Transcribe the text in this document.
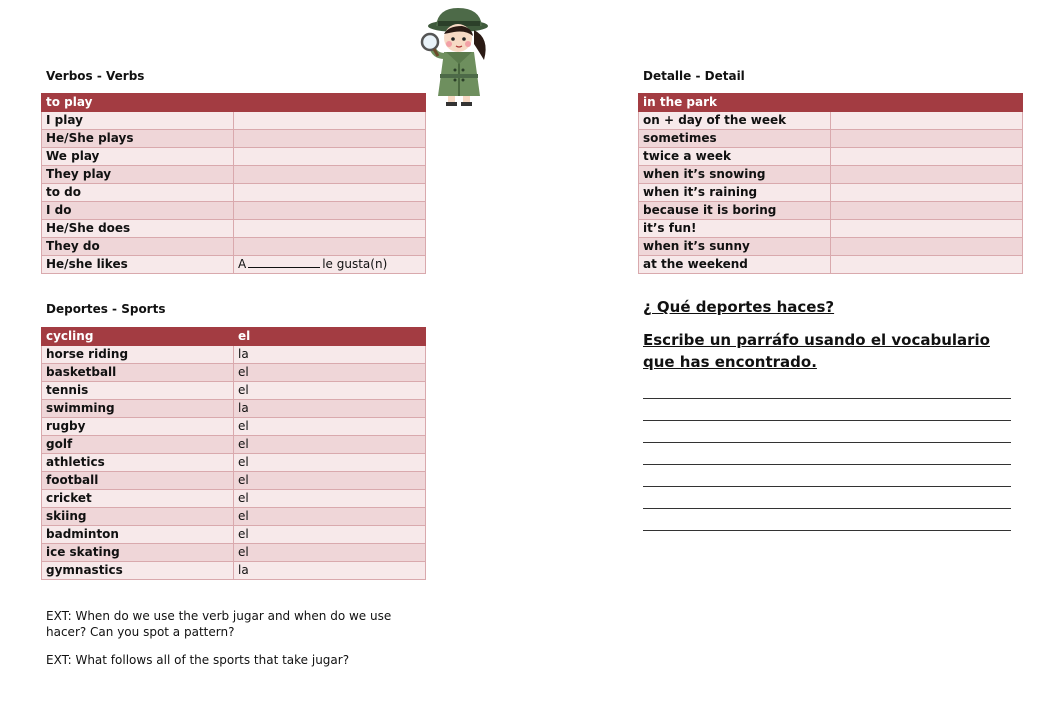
Verbos - Verbs
to play	
I play	
He/She plays	
We play	
They play	
to do	
I do	
He/She does	
They do	
He/she likes	A le gusta(n)
Detalle - Detail
in the park	
on + day of the week	
sometimes	
twice a week	
when it’s snowing	
when it’s raining	
because it is boring	
it’s fun!	
when it’s sunny	
at the weekend	
Deportes - Sports
cycling	el
horse riding	la
basketball	el
tennis	el
swimming	la
rugby	el
golf	el
athletics	el
football	el
cricket	el
skiing	el
badminton	el
ice skating	el
gymnastics	la
¿ Qué deportes haces?
Escribe un parráfo usando el vocabulario que has encontrado.
EXT: When do we use the verb jugar and when do we use hacer? Can you spot a pattern?
EXT: What follows all of the sports that take jugar?
